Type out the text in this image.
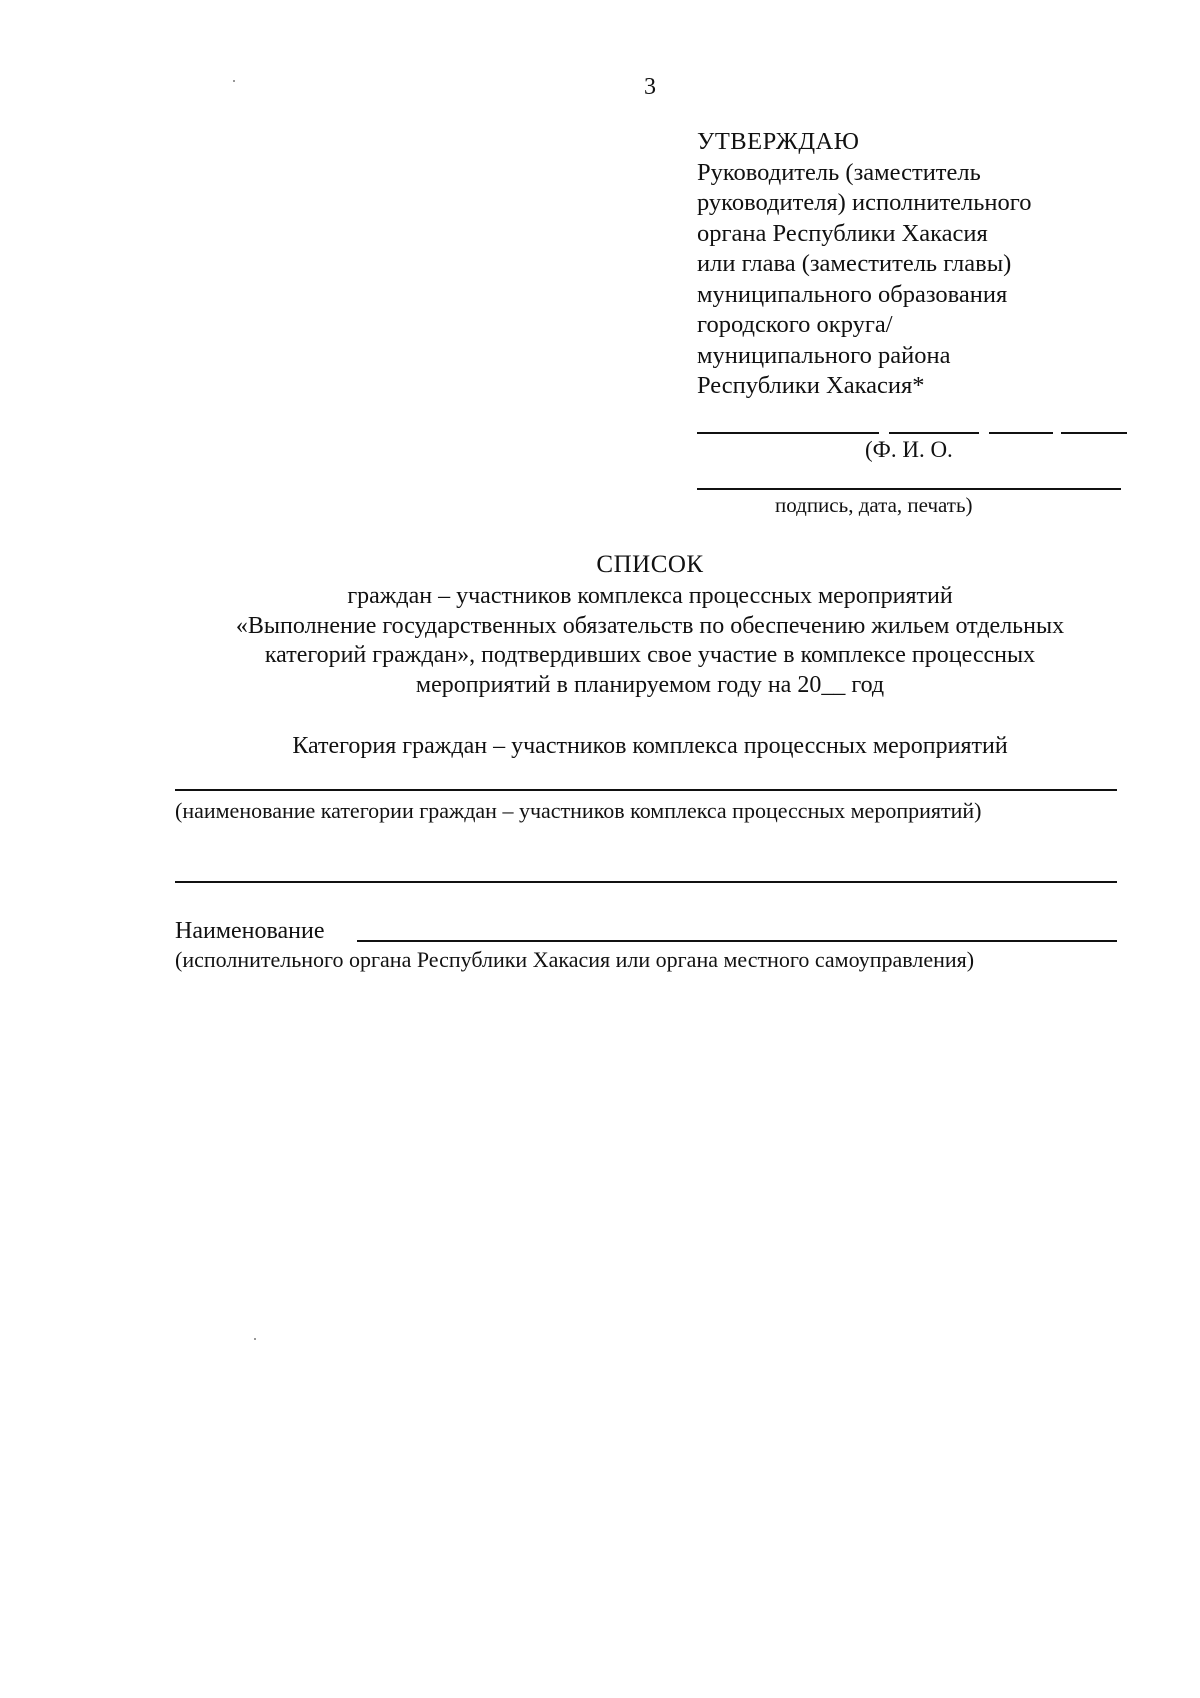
3
УТВЕРЖДАЮ
Руководитель (заместитель
руководителя) исполнительного
органа Республики Хакасия
или глава (заместитель главы)
муниципального образования
городского округа/
муниципального района
Республики Хакасия*
(Ф. И. О.
подпись, дата, печать)
СПИСОК
граждан – участников комплекса процессных мероприятий
«Выполнение государственных обязательств по обеспечению жильем отдельных
категорий граждан», подтвердивших свое участие в комплексе процессных
мероприятий в планируемом году на 20__ год
Категория граждан – участников комплекса процессных мероприятий
(наименование категории граждан – участников комплекса процессных мероприятий)
Наименование
(исполнительного органа Республики Хакасия или органа местного самоуправления)
